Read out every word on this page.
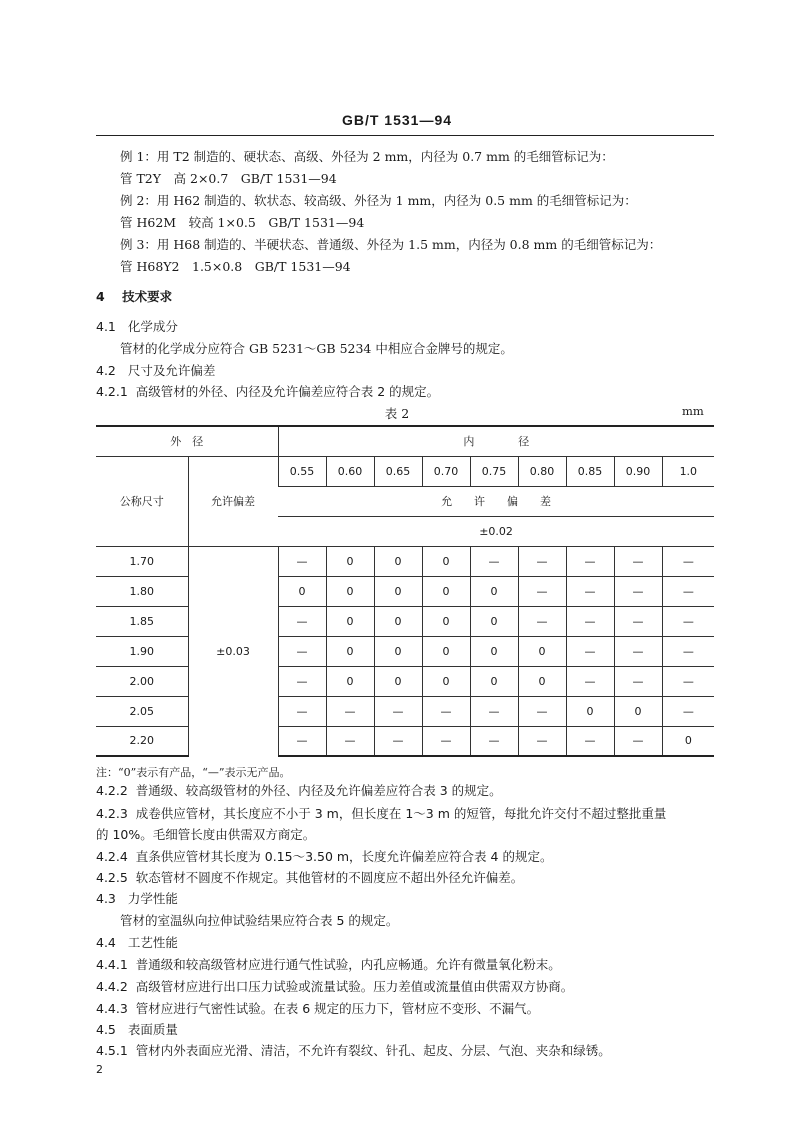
GB/T 1531—94
例 1：用 T2 制造的、硬状态、高级、外径为 2 mm，内径为 0.7 mm 的毛细管标记为：
管 T2Y　高 2×0.7　GB/T 1531—94
例 2：用 H62 制造的、软状态、较高级、外径为 1 mm，内径为 0.5 mm 的毛细管标记为：
管 H62M　较高 1×0.5　GB/T 1531—94
例 3：用 H68 制造的、半硬状态、普通级、外径为 1.5 mm，内径为 0.8 mm 的毛细管标记为：
管 H68Y2　1.5×0.8　GB/T 1531—94
4 技术要求
4.1 化学成分
管材的化学成分应符合 GB 5231～GB 5234 中相应合金牌号的规定。
4.2 尺寸及允许偏差
4.2.1 高级管材的外径、内径及允许偏差应符合表 2 的规定。
表 2	mm
外　径		内　　　　径								
公称尺寸	允许偏差	0.55	0.60	0.65	0.70	0.75	0.80	0.85	0.90	1.0
		允　　许　　偏　　差								
		±0.02								
1.70	±0.03	—	0	0	0	—	—	—	—	—
1.80		0	0	0	0	0	—	—	—	—
1.85		—	0	0	0	0	—	—	—	—
1.90		—	0	0	0	0	0	—	—	—
2.00		—	0	0	0	0	0	—	—	—
2.05		—	—	—	—	—	—	0	0	—
2.20		—	—	—	—	—	—	—	—	0
注：“0”表示有产品，“—”表示无产品。
4.2.2 普通级、较高级管材的外径、内径及允许偏差应符合表 3 的规定。
4.2.3 成卷供应管材，其长度应不小于 3 m，但长度在 1～3 m 的短管，每批允许交付不超过整批重量
的 10%。毛细管长度由供需双方商定。
4.2.4 直条供应管材其长度为 0.15～3.50 m，长度允许偏差应符合表 4 的规定。
4.2.5 软态管材不圆度不作规定。其他管材的不圆度应不超出外径允许偏差。
4.3 力学性能
管材的室温纵向拉伸试验结果应符合表 5 的规定。
4.4 工艺性能
4.4.1 普通级和较高级管材应进行通气性试验，内孔应畅通。允许有微量氧化粉末。
4.4.2 高级管材应进行出口压力试验或流量试验。压力差值或流量值由供需双方协商。
4.4.3 管材应进行气密性试验。在表 6 规定的压力下，管材应不变形、不漏气。
4.5 表面质量
4.5.1 管材内外表面应光滑、清洁，不允许有裂纹、针孔、起皮、分层、气泡、夹杂和绿锈。
2
